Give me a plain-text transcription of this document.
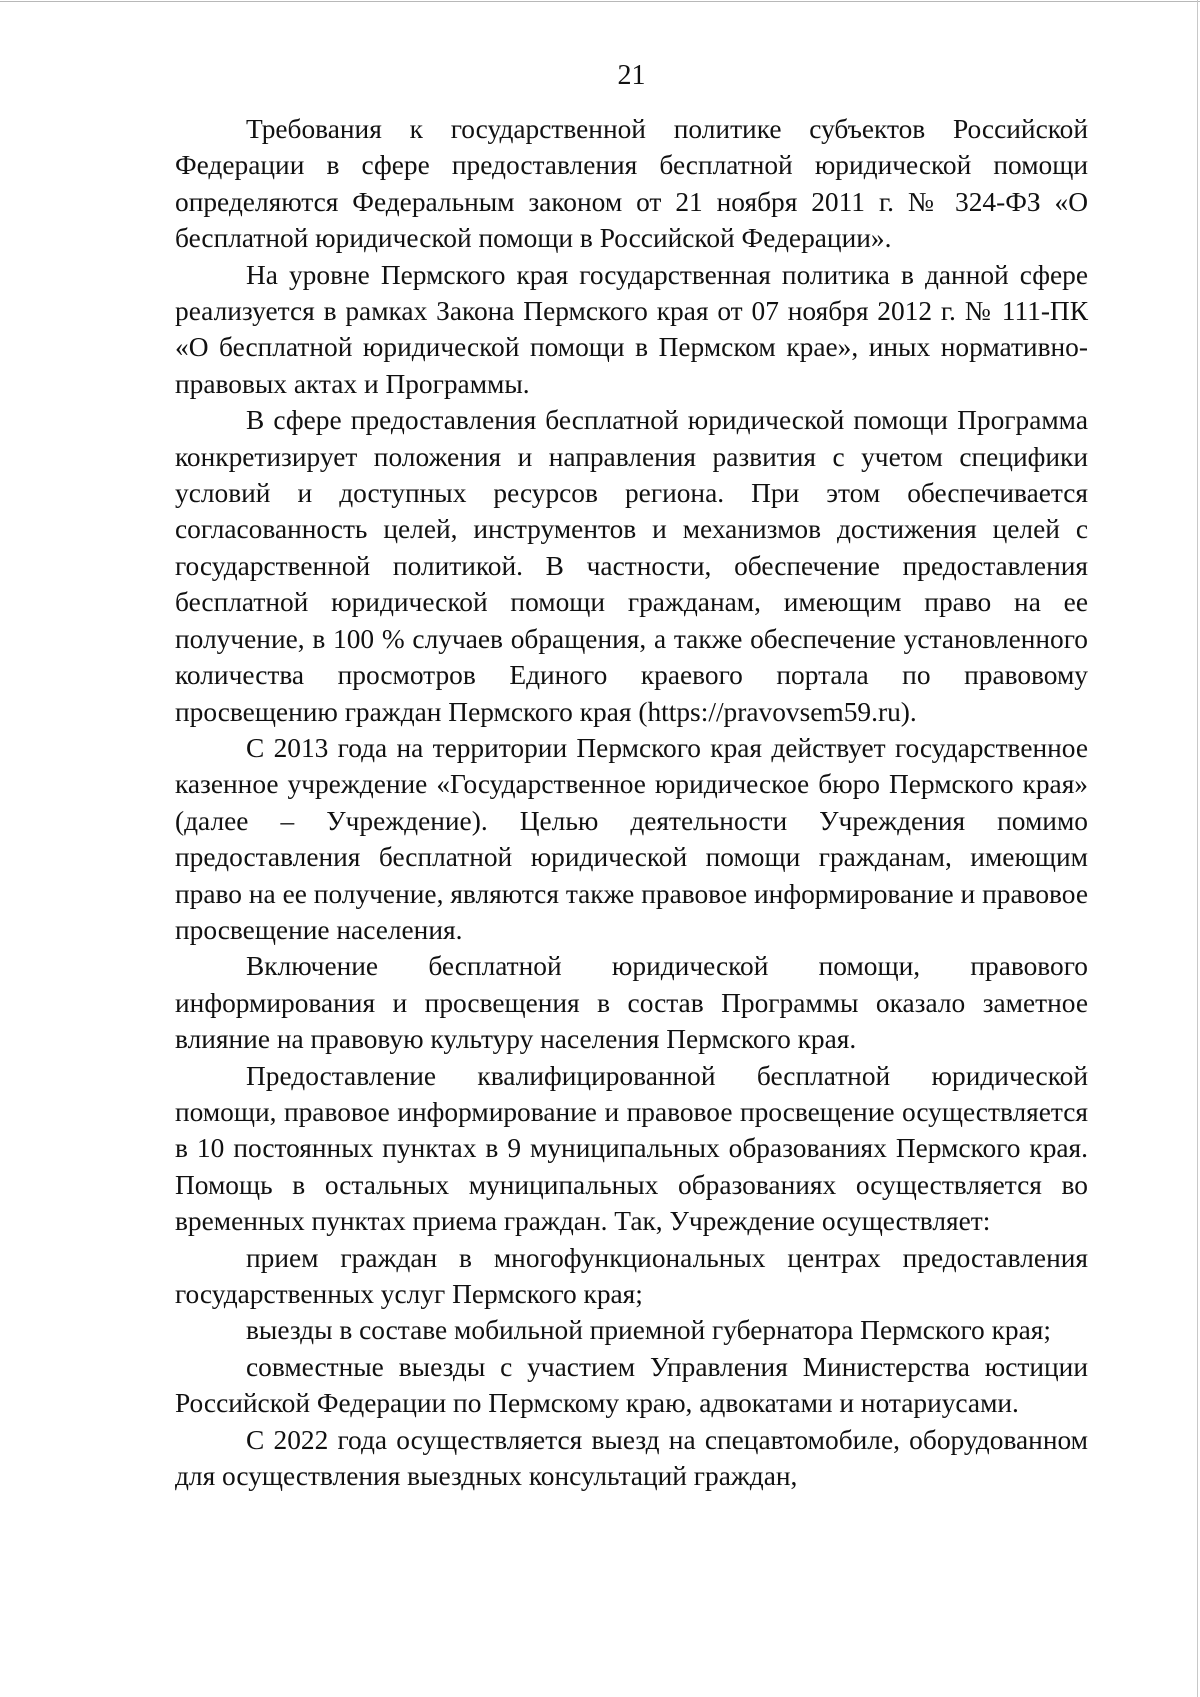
21

Требования к государственной политике субъектов Российской Федерации в сфере предоставления бесплатной юридической помощи определяются Федеральным законом от 21 ноября 2011 г. № 324-ФЗ «О бесплатной юридической помощи в Российской Федерации».

На уровне Пермского края государственная политика в данной сфере реализуется в рамках Закона Пермского края от 07 ноября 2012 г. № 111-ПК «О бесплатной юридической помощи в Пермском крае», иных нормативно-правовых актах и Программы.

В сфере предоставления бесплатной юридической помощи Программа конкретизирует положения и направления развития с учетом специфики условий и доступных ресурсов региона. При этом обеспечивается согласованность целей, инструментов и механизмов достижения целей с государственной политикой. В частности, обеспечение предоставления бесплатной юридической помощи гражданам, имеющим право на ее получение, в 100 % случаев обращения, а также обеспечение установленного количества просмотров Единого краевого портала по правовому просвещению граждан Пермского края (https://pravovsem59.ru).

С 2013 года на территории Пермского края действует государственное казенное учреждение «Государственное юридическое бюро Пермского края» (далее – Учреждение). Целью деятельности Учреждения помимо предоставления бесплатной юридической помощи гражданам, имеющим право на ее получение, являются также правовое информирование и правовое просвещение населения.

Включение бесплатной юридической помощи, правового информирования и просвещения в состав Программы оказало заметное влияние на правовую культуру населения Пермского края.

Предоставление квалифицированной бесплатной юридической помощи, правовое информирование и правовое просвещение осуществляется в 10 постоянных пунктах в 9 муниципальных образованиях Пермского края. Помощь в остальных муниципальных образованиях осуществляется во временных пунктах приема граждан. Так, Учреждение осуществляет:

прием граждан в многофункциональных центрах предоставления государственных услуг Пермского края;

выезды в составе мобильной приемной губернатора Пермского края;

совместные выезды с участием Управления Министерства юстиции Российской Федерации по Пермскому краю, адвокатами и нотариусами.

С 2022 года осуществляется выезд на спецавтомобиле, оборудованном для осуществления выездных консультаций граждан,
